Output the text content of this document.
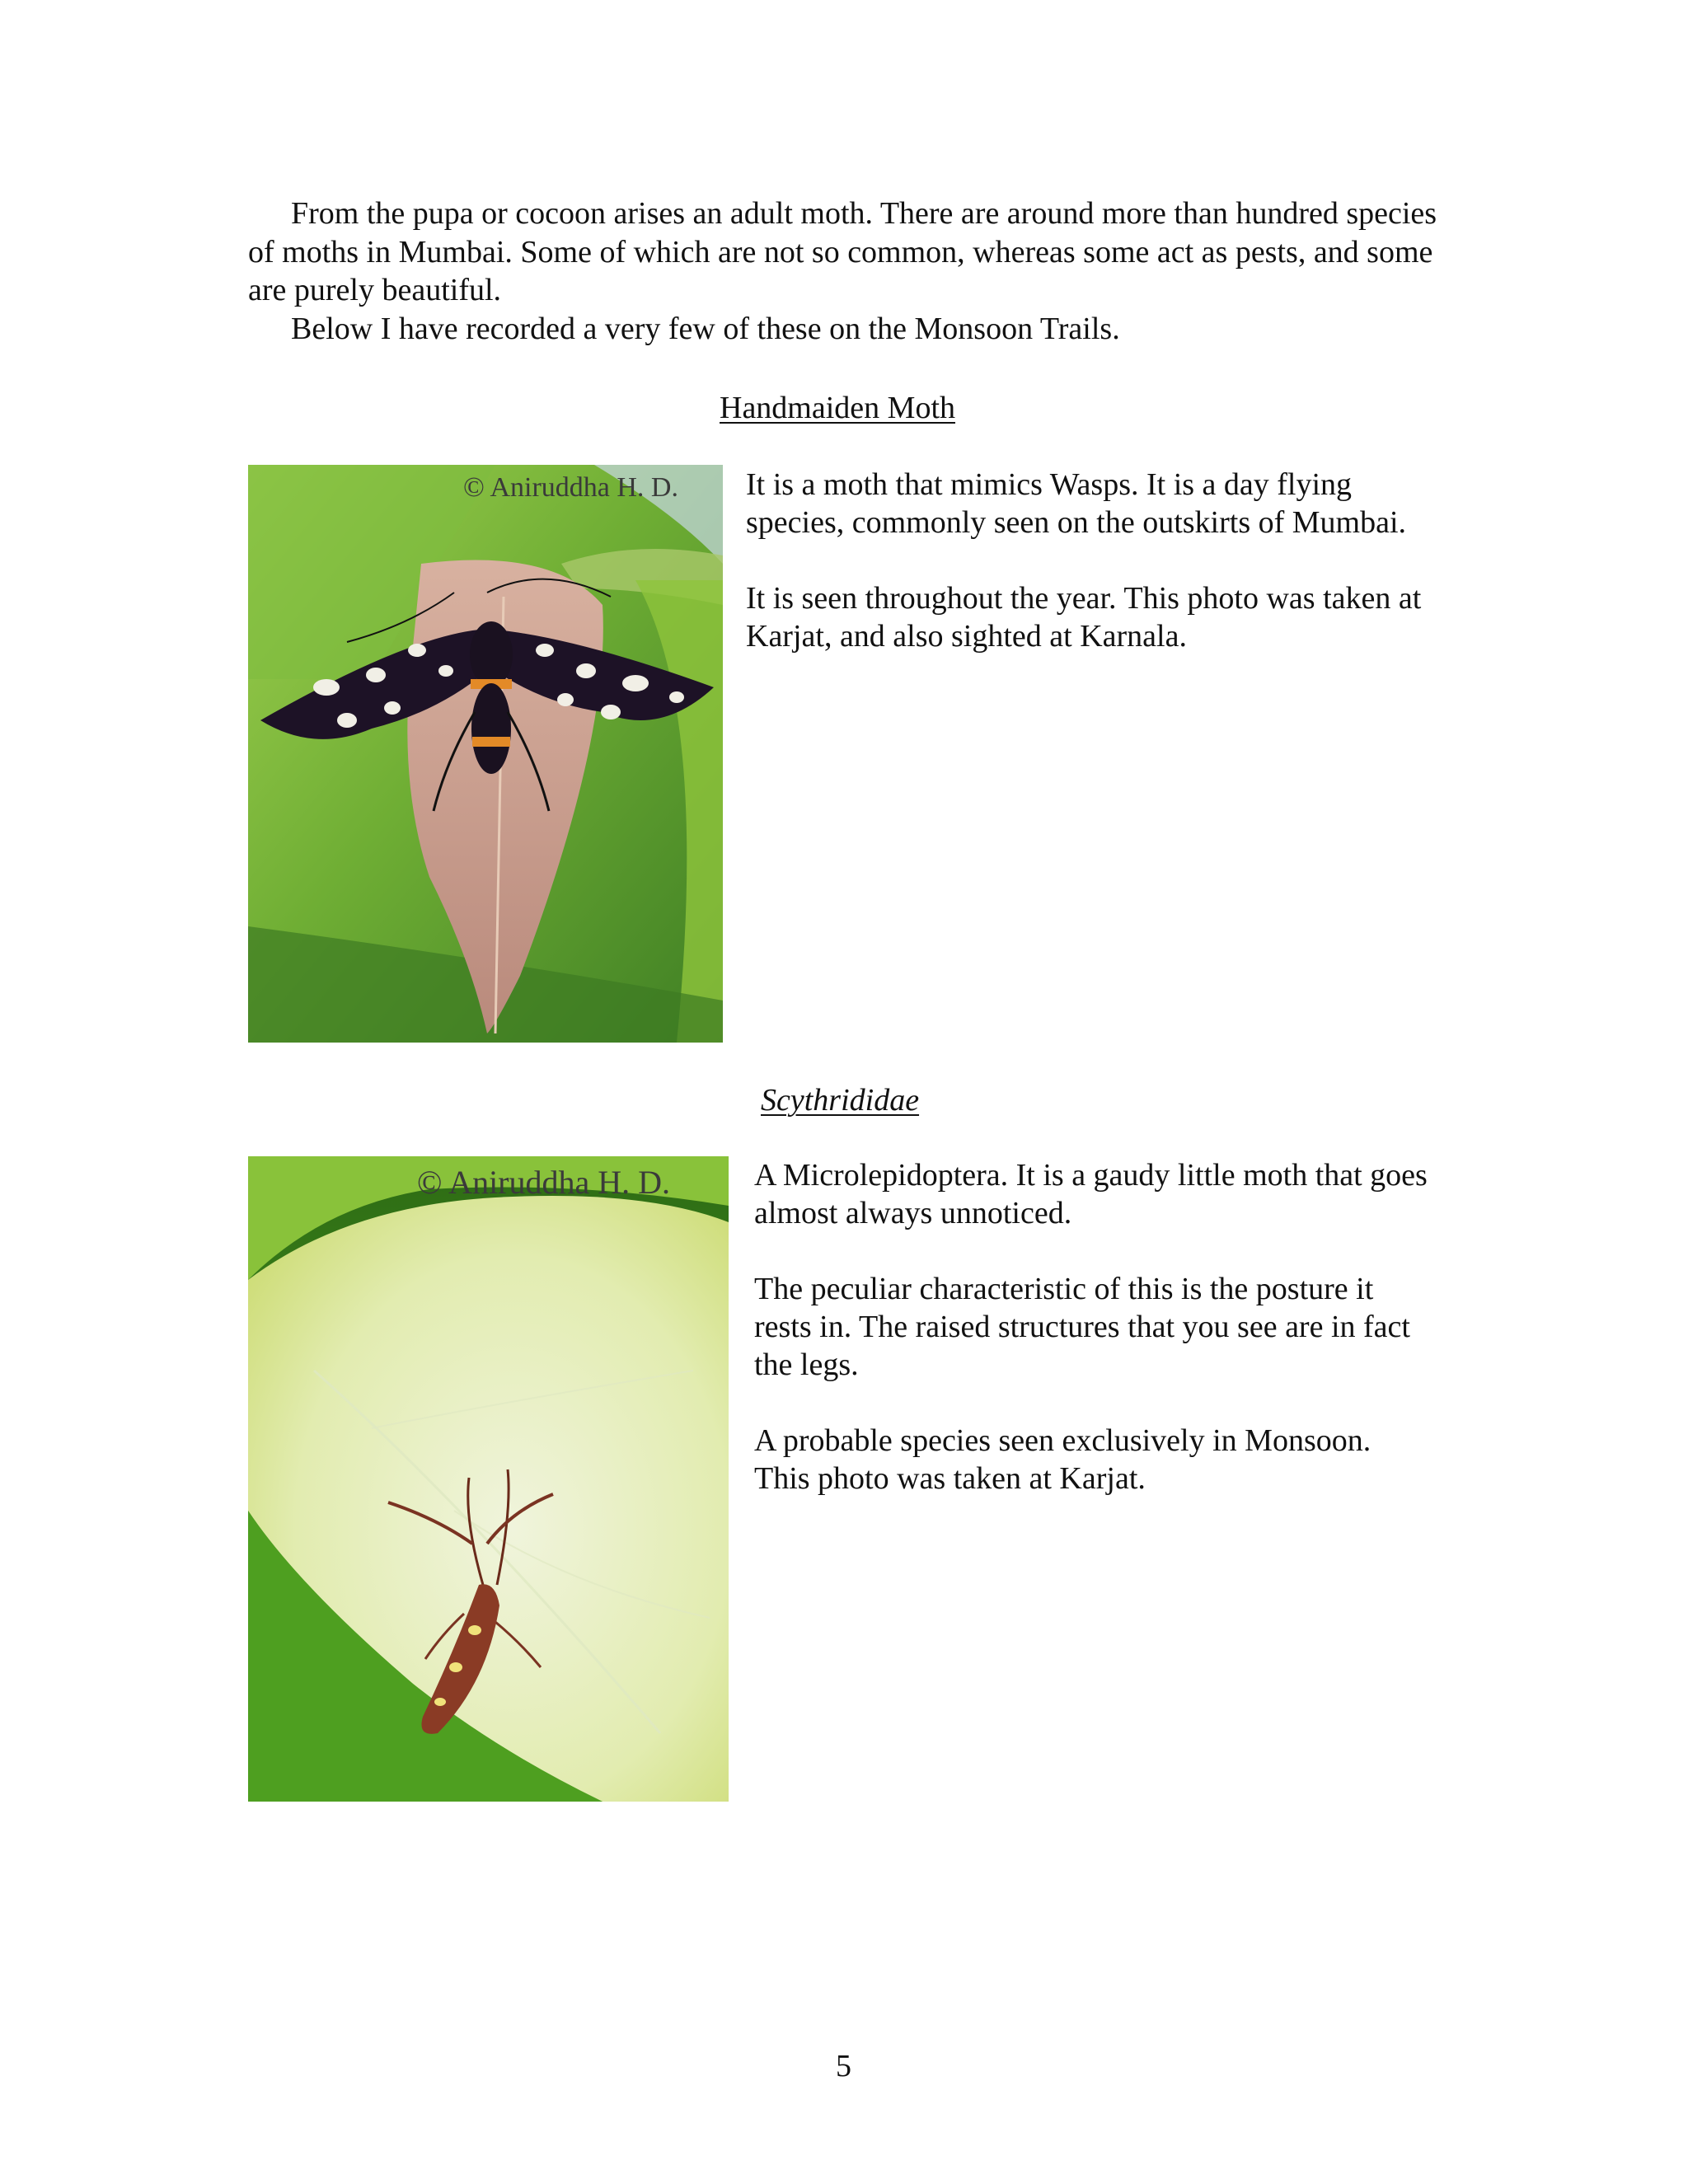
From the pupa or cocoon arises an adult moth. There are around more than hundred species of moths in Mumbai. Some of which are not so common, whereas some act as pests, and some are purely beautiful.

Below I have recorded a very few of these on the Monsoon Trails.

Handmaiden Moth
© Aniruddha H. D. It is a moth that mimics Wasps. It is a day flying species, commonly seen on the outskirts of Mumbai.

It is seen throughout the year. This photo was taken at Karjat, and also sighted at Karnala.

Scythrididae
© Aniruddha H. D.	A Microlepidoptera. It is a gaudy little moth that goes almost always unnoticed.

The peculiar characteristic of this is the posture it rests in. The raised structures that you see are in fact the legs.

A probable species seen exclusively in Monsoon. This photo was taken at Karjat.

5
